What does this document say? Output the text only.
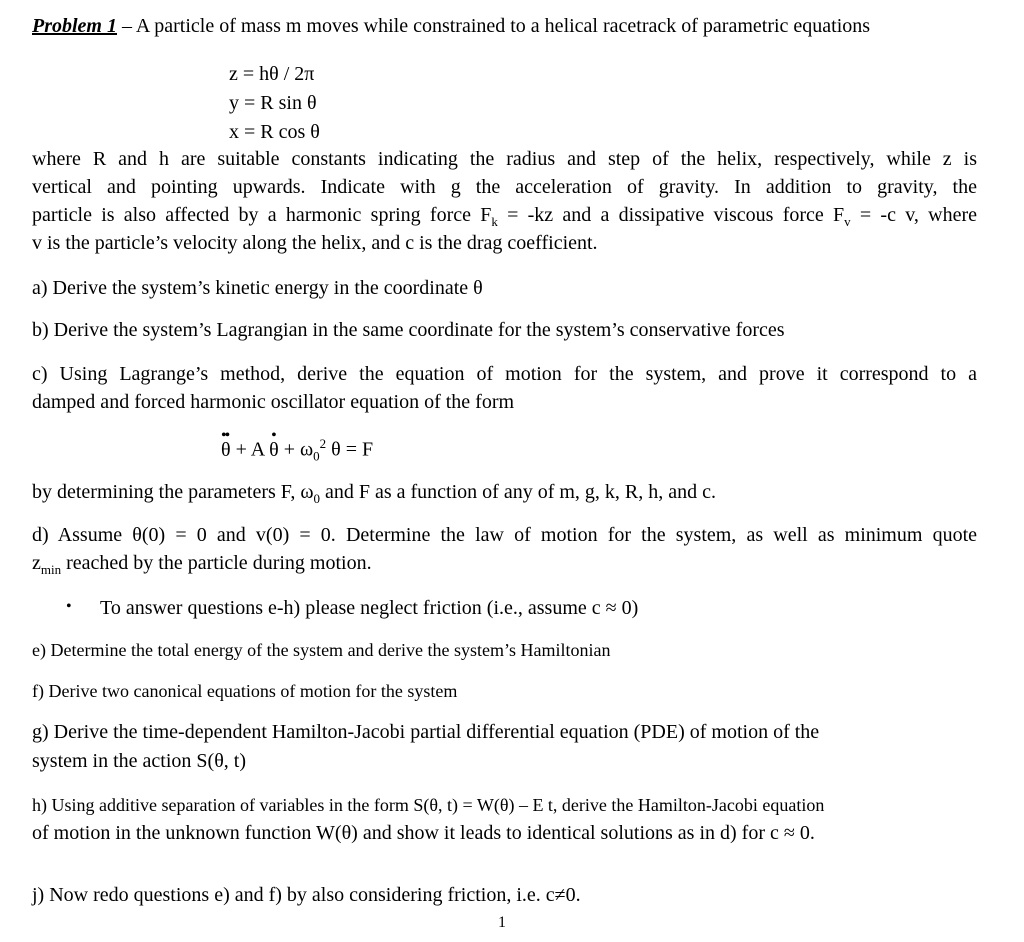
Problem 1 – A particle of mass m moves while constrained to a helical racetrack of parametric equations
z = hθ / 2π
y = R sin θ
x = R cos θ
where R and h are suitable constants indicating the radius and step of the helix, respectively, while z is
vertical and pointing upwards. Indicate with g the acceleration of gravity. In addition to gravity, the
particle is also affected by a harmonic spring force $F_k = -kz$ and a dissipative viscous force $F_v = -c$ v, where
v is the particle’s velocity along the helix, and c is the drag coefficient.
a) Derive the system’s kinetic energy in the coordinate θ
b) Derive the system’s Lagrangian in the same coordinate for the system’s conservative forces
c) Using Lagrange’s method, derive the equation of motion for the system, and prove it correspond to a
damped and forced harmonic oscillator equation of the form
θ
••
+ A θ
•
+ $\omega_0^2$ θ = F
by determining the parameters F, $\omega_0$ and F as a function of any of m, g, k, R, h, and c.
d) Assume θ(0) = 0 and v(0) = 0. Determine the law of motion for the system, as well as minimum quote
$z_{min}$ reached by the particle during motion.
• To answer questions e-h) please neglect friction (i.e., assume c ≈ 0)
e) Determine the total energy of the system and derive the system’s Hamiltonian
f) Derive two canonical equations of motion for the system
g) Derive the time-dependent Hamilton-Jacobi partial differential equation (PDE) of motion of the
system in the action S(θ, t)
h) Using additive separation of variables in the form S(θ, t) = W(θ) – E t, derive the Hamilton-Jacobi equation
of motion in the unknown function W(θ) and show it leads to identical solutions as in d) for c ≈ 0.
j) Now redo questions e) and f) by also considering friction, i.e. c≠0.
1
